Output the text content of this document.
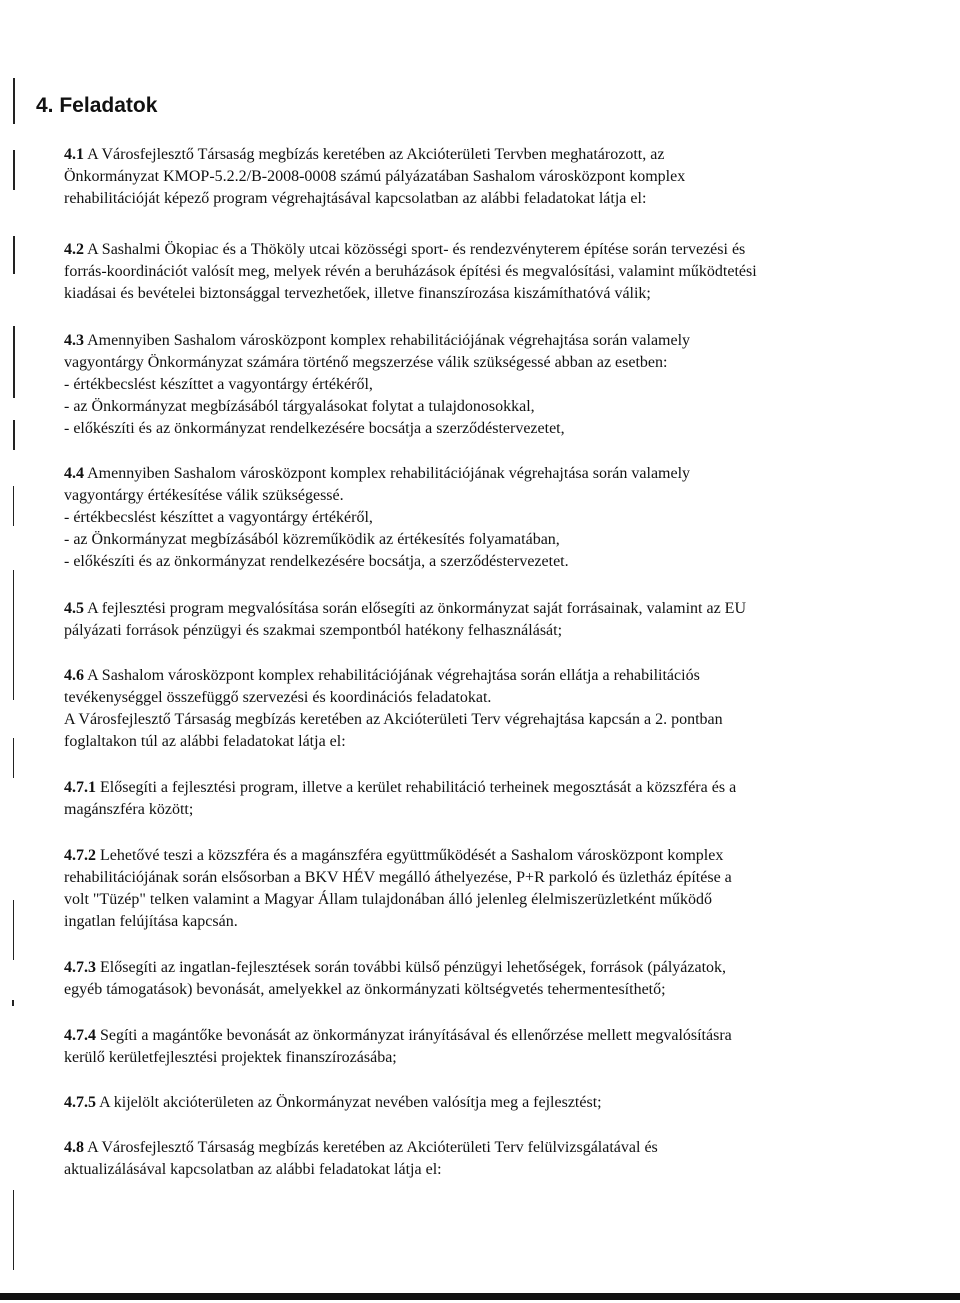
4. Feladatok

4.1 A Városfejlesztő Társaság megbízás keretében az Akcióterületi Tervben meghatározott, az
Önkormányzat KMOP-5.2.2/B-2008-0008 számú pályázatában Sashalom városközpont komplex
rehabilitációját képező program végrehajtásával kapcsolatban az alábbi feladatokat látja el:

4.2 A Sashalmi Ökopiac és a Thököly utcai közösségi sport- és rendezvényterem építése során tervezési és
forrás-koordinációt valósít meg, melyek révén a beruházások építési és megvalósítási, valamint működtetési
kiadásai és bevételei biztonsággal tervezhetőek, illetve finanszírozása kiszámíthatóvá válik;

4.3 Amennyiben Sashalom városközpont komplex rehabilitációjának végrehajtása során valamely
vagyontárgy Önkormányzat számára történő megszerzése válik szükségessé abban az esetben:
- értékbecslést készíttet a vagyontárgy értékéről,
- az Önkormányzat megbízásából tárgyalásokat folytat a tulajdonosokkal,
- előkészíti és az önkormányzat rendelkezésére bocsátja a szerződéstervezetet,

4.4 Amennyiben Sashalom városközpont komplex rehabilitációjának végrehajtása során valamely
vagyontárgy értékesítése válik szükségessé.
- értékbecslést készíttet a vagyontárgy értékéről,
- az Önkormányzat megbízásából közreműködik az értékesítés folyamatában,
- előkészíti és az önkormányzat rendelkezésére bocsátja, a szerződéstervezetet.

4.5 A fejlesztési program megvalósítása során elősegíti az önkormányzat saját forrásainak, valamint az EU
pályázati források pénzügyi és szakmai szempontból hatékony felhasználását;

4.6 A Sashalom városközpont komplex rehabilitációjának végrehajtása során ellátja a rehabilitációs
tevékenységgel összefüggő szervezési és koordinációs feladatokat.
A Városfejlesztő Társaság megbízás keretében az Akcióterületi Terv végrehajtása kapcsán a 2. pontban
foglaltakon túl az alábbi feladatokat látja el:

4.7.1 Elősegíti a fejlesztési program, illetve a kerület rehabilitáció terheinek megosztását a közszféra és a
magánszféra között;

4.7.2 Lehetővé teszi a közszféra és a magánszféra együttműködését a Sashalom városközpont komplex
rehabilitációjának során elsősorban a BKV HÉV megálló áthelyezése, P+R parkoló és üzletház építése a
volt "Tüzép" telken valamint a Magyar Állam tulajdonában álló jelenleg élelmiszerüzletként működő
ingatlan felújítása kapcsán.

4.7.3 Elősegíti az ingatlan-fejlesztések során további külső pénzügyi lehetőségek, források (pályázatok,
egyéb támogatások) bevonását, amelyekkel az önkormányzati költségvetés tehermentesíthető;

4.7.4 Segíti a magántőke bevonását az önkormányzat irányításával és ellenőrzése mellett megvalósításra
kerülő kerületfejlesztési projektek finanszírozásába;

4.7.5 A kijelölt akcióterületen az Önkormányzat nevében valósítja meg a fejlesztést;

4.8 A Városfejlesztő Társaság megbízás keretében az Akcióterületi Terv felülvizsgálatával és
aktualizálásával kapcsolatban az alábbi feladatokat látja el:
